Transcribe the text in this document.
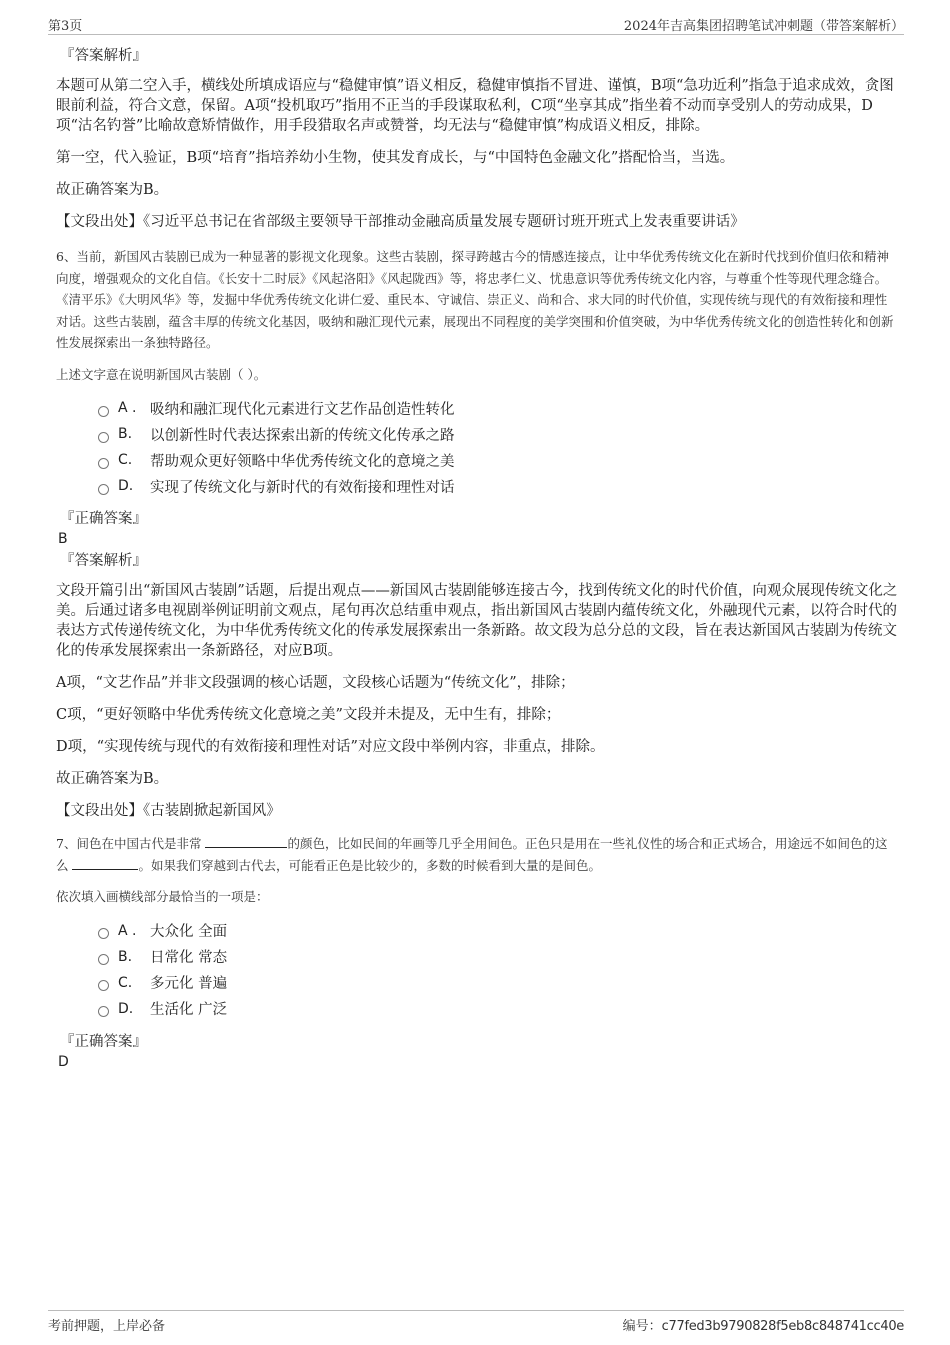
第3页	2024年吉高集团招聘笔试冲刺题（带答案解析）
『答案解析』
本题可从第二空入手，横线处所填成语应与“稳健审慎”语义相反，稳健审慎指不冒进、谨慎，B项“急功近利”指急于追求成效，贪图眼前利益，符合文意，保留。A项“投机取巧”指用不正当的手段谋取私利，C项“坐享其成”指坐着不动而享受别人的劳动成果，D项“沽名钓誉”比喻故意矫情做作，用手段猎取名声或赞誉，均无法与“稳健审慎”构成语义相反，排除。
第一空，代入验证，B项“培育”指培养幼小生物，使其发育成长，与“中国特色金融文化”搭配恰当，当选。
故正确答案为B。
【文段出处】《习近平总书记在省部级主要领导干部推动金融高质量发展专题研讨班开班式上发表重要讲话》
6、当前，新国风古装剧已成为一种显著的影视文化现象。这些古装剧，探寻跨越古今的情感连接点，让中华优秀传统文化在新时代找到价值归依和精神向度，增强观众的文化自信。《长安十二时辰》《风起洛阳》《风起陇西》等，将忠孝仁义、忧患意识等优秀传统文化内容，与尊重个性等现代理念缝合。《清平乐》《大明风华》等，发掘中华优秀传统文化讲仁爱、重民本、守诚信、崇正义、尚和合、求大同的时代价值，实现传统与现代的有效衔接和理性对话。这些古装剧，蕴含丰厚的传统文化基因，吸纳和融汇现代元素，展现出不同程度的美学突围和价值突破，为中华优秀传统文化的创造性转化和创新性发展探索出一条独特路径。
上述文字意在说明新国风古装剧（ ）。
A . 吸纳和融汇现代化元素进行文艺作品创造性转化
B.	以创新性时代表达探索出新的传统文化传承之路
C.	帮助观众更好领略中华优秀传统文化的意境之美
D.	实现了传统文化与新时代的有效衔接和理性对话
『正确答案』
B
『答案解析』
文段开篇引出“新国风古装剧”话题，后提出观点——新国风古装剧能够连接古今，找到传统文化的时代价值，向观众展现传统文化之美。后通过诸多电视剧举例证明前文观点，尾句再次总结重申观点，指出新国风古装剧内蕴传统文化，外融现代元素，以符合时代的表达方式传递传统文化，为中华优秀传统文化的传承发展探索出一条新路。故文段为总分总的文段，旨在表达新国风古装剧为传统文化的传承发展探索出一条新路径，对应B项。
A项，“文艺作品”并非文段强调的核心话题，文段核心话题为“传统文化”，排除；
C项，“更好领略中华优秀传统文化意境之美”文段并未提及，无中生有，排除；
D项，“实现传统与现代的有效衔接和理性对话”对应文段中举例内容，非重点，排除。
故正确答案为B。
【文段出处】《古装剧掀起新国风》
7、间色在中国古代是非常	的颜色，比如民间的年画等几乎全用间色。正色只是用在一些礼仪性的场合和正式场合，用途远不如间色的这么	。如果我们穿越到古代去，可能看正色是比较少的，多数的时候看到大量的是间色。
依次填入画横线部分最恰当的一项是：
A . 大众化 全面
B.	日常化 常态
C.	多元化 普遍
D.	生活化 广泛
『正确答案』
D
考前押题，上岸必备	编号：c77fed3b9790828f5eb8c848741cc40e
